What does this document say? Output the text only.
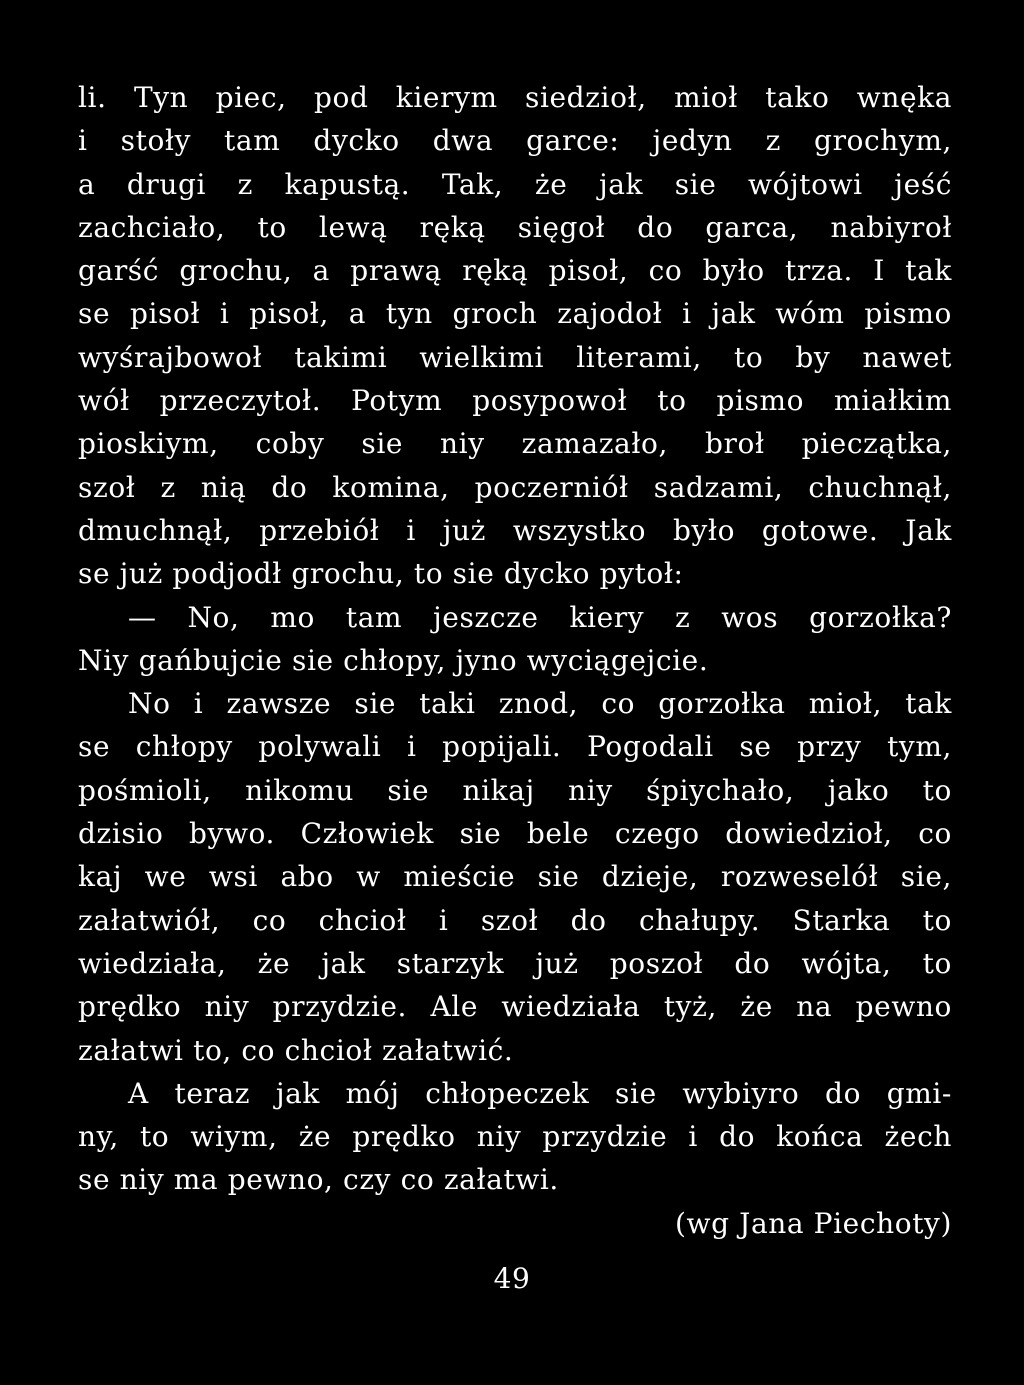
li. Tyn piec, pod kierym siedzioł, mioł tako wnęka
i stoły tam dycko dwa garce: jedyn z grochym,
a drugi z kapustą. Tak, że jak sie wójtowi jeść
zachciało, to lewą ręką sięgoł do garca, nabiyroł
garść grochu, a prawą ręką pisoł, co było trza. I tak
se pisoł i pisoł, a tyn groch zajodoł i jak wóm pismo
wyśrajbowoł takimi wielkimi literami, to by nawet
wół przeczytoł. Potym posypowoł to pismo miałkim
pioskiym, coby sie niy zamazało, broł pieczątka,
szoł z nią do komina, poczerniół sadzami, chuchnął,
dmuchnął, przebiół i już wszystko było gotowe. Jak
se już podjodł grochu, to sie dycko pytoł:
— No, mo tam jeszcze kiery z wos gorzołka?
Niy gańbujcie sie chłopy, jyno wyciągejcie.
No i zawsze sie taki znod, co gorzołka mioł, tak
se chłopy polywali i popijali. Pogodali se przy tym,
pośmioli, nikomu sie nikaj niy śpiychało, jako to
dzisio bywo. Człowiek sie bele czego dowiedzioł, co
kaj we wsi abo w mieście sie dzieje, rozweselół sie,
załatwiół, co chcioł i szoł do chałupy. Starka to
wiedziała, że jak starzyk już poszoł do wójta, to
prędko niy przydzie. Ale wiedziała tyż, że na pewno
załatwi to, co chcioł załatwić.
A teraz jak mój chłopeczek sie wybiyro do gmi-
ny, to wiym, że prędko niy przydzie i do końca żech
se niy ma pewno, czy co załatwi.
(wg Jana Piechoty)
49
